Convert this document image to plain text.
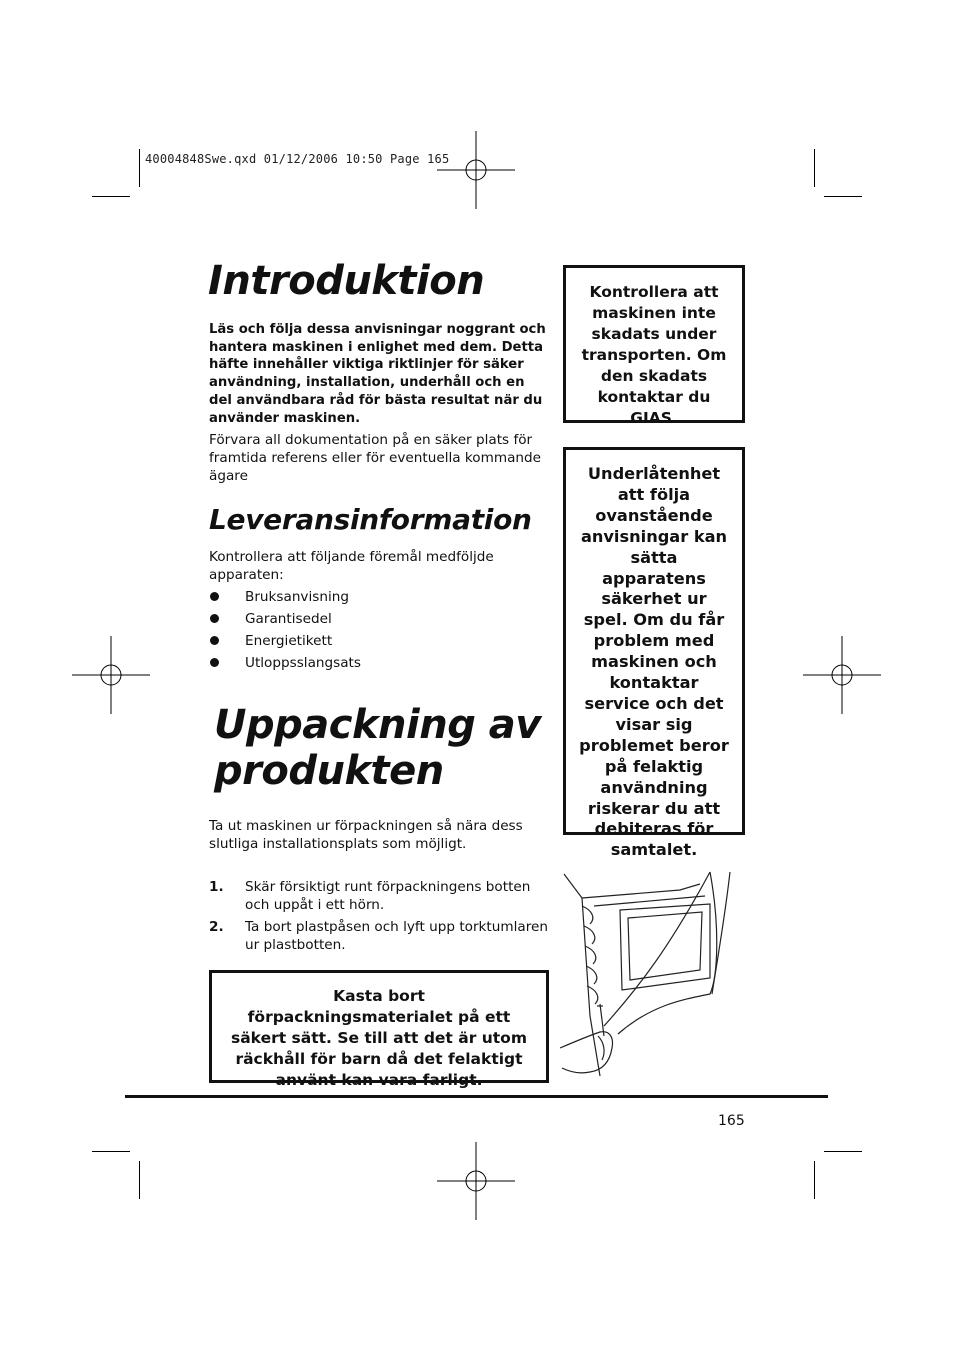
40004848Swe.qxd 01/12/2006 10:50 Page 165
Introduktion
Läs och följa dessa anvisningar noggrant och hantera maskinen i enlighet med dem. Detta häfte innehåller viktiga riktlinjer för säker användning, installation, underhåll och en del användbara råd för bästa resultat när du använder maskinen.
Förvara all dokumentation på en säker plats för framtida referens eller för eventuella kommande ägare
Leveransinformation
Kontrollera att följande föremål medföljde apparaten:
Bruksanvisning
Garantisedel
Energietikett
Utloppsslangsats
Uppackning av
produkten
Ta ut maskinen ur förpackningen så nära dess slutliga installationsplats som möjligt.
1. Skär försiktigt runt förpackningens botten och uppåt i ett hörn.
2. Ta bort plastpåsen och lyft upp torktumlaren ur plastbotten.
Kasta bort förpackningsmaterialet på ett säkert sätt. Se till att det är utom räckhåll för barn då det felaktigt använt kan vara farligt.
Kontrollera att maskinen inte skadats under transporten. Om den skadats kontaktar du GIAS.
Underlåtenhet att följa ovanstående anvisningar kan sätta apparatens säkerhet ur spel. Om du får problem med maskinen och kontaktar service och det visar sig problemet beror på felaktig användning riskerar du att debiteras för samtalet.
165
